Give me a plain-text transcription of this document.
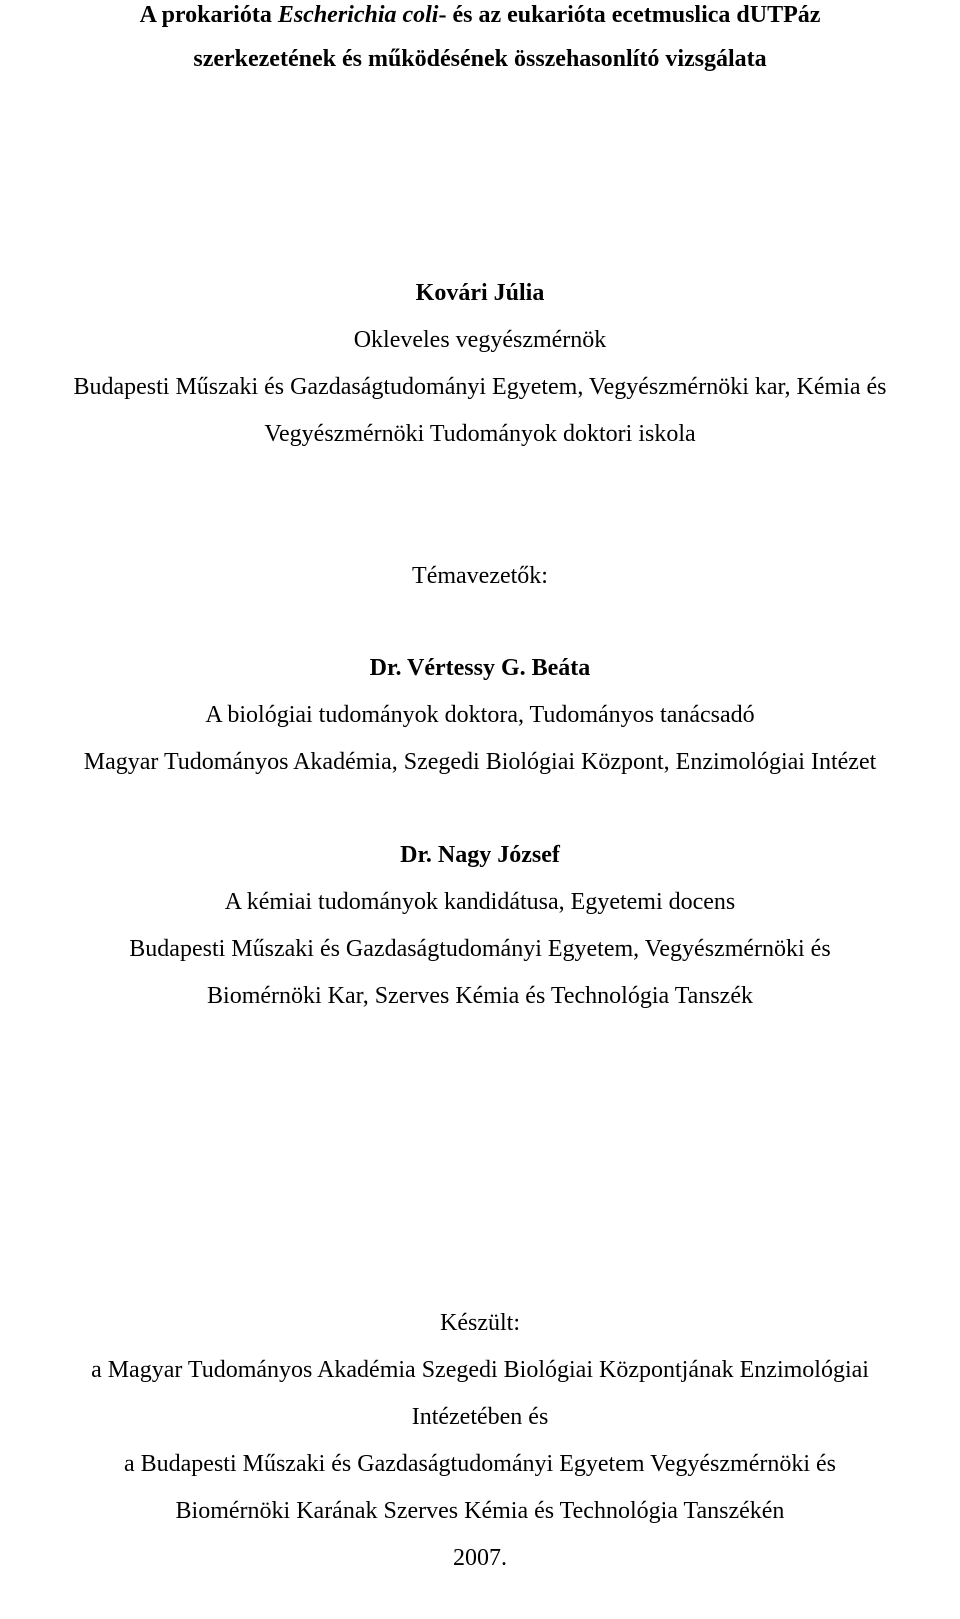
A prokarióta Escherichia coli- és az eukarióta ecetmuslica dUTPáz
szerkezetének és működésének összehasonlító vizsgálata
Kovári Júlia
Okleveles vegyészmérnök
Budapesti Műszaki és Gazdaságtudományi Egyetem, Vegyészmérnöki kar, Kémia és
Vegyészmérnöki Tudományok doktori iskola
Témavezetők:
Dr. Vértessy G. Beáta
A biológiai tudományok doktora, Tudományos tanácsadó
Magyar Tudományos Akadémia, Szegedi Biológiai Központ, Enzimológiai Intézet
Dr. Nagy József
A kémiai tudományok kandidátusa, Egyetemi docens
Budapesti Műszaki és Gazdaságtudományi Egyetem, Vegyészmérnöki és
Biomérnöki Kar, Szerves Kémia és Technológia Tanszék
Készült:
a Magyar Tudományos Akadémia Szegedi Biológiai Központjának Enzimológiai
Intézetében és
a Budapesti Műszaki és Gazdaságtudományi Egyetem Vegyészmérnöki és
Biomérnöki Karának Szerves Kémia és Technológia Tanszékén
2007.
